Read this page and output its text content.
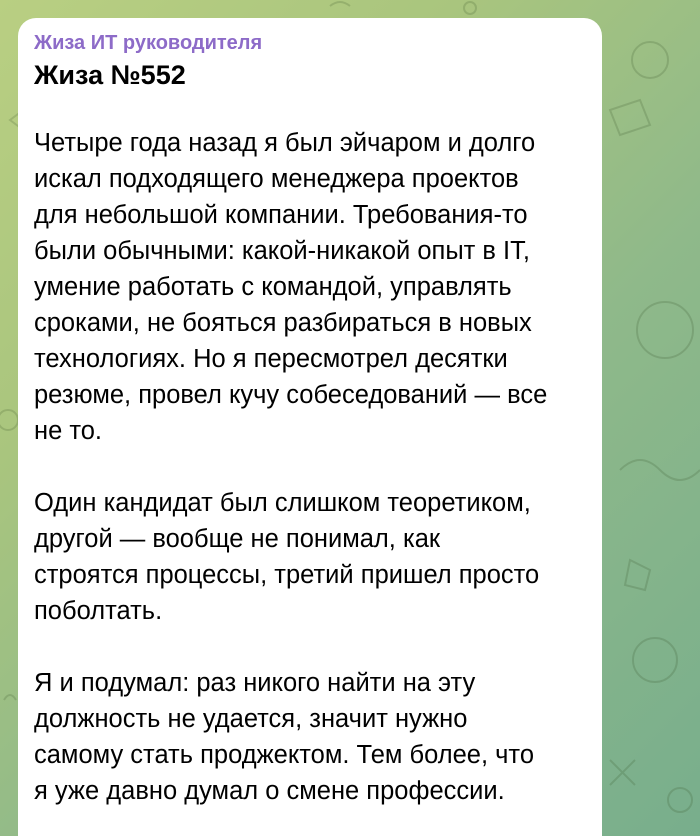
Жиза ИТ руководителя
Жиза №552

Четыре года назад я был эйчаром и долго
искал подходящего менеджера проектов
для небольшой компании. Требования-то
были обычными: какой-никакой опыт в IT,
умение работать с командой, управлять
сроками, не бояться разбираться в новых
технологиях. Но я пересмотрел десятки
резюме, провел кучу собеседований — все
не то.

Один кандидат был слишком теоретиком,
другой — вообще не понимал, как
строятся процессы, третий пришел просто
поболтать.

Я и подумал: раз никого найти на эту
должность не удается, значит нужно
самому стать проджектом. Тем более, что
я уже давно думал о смене профессии.
